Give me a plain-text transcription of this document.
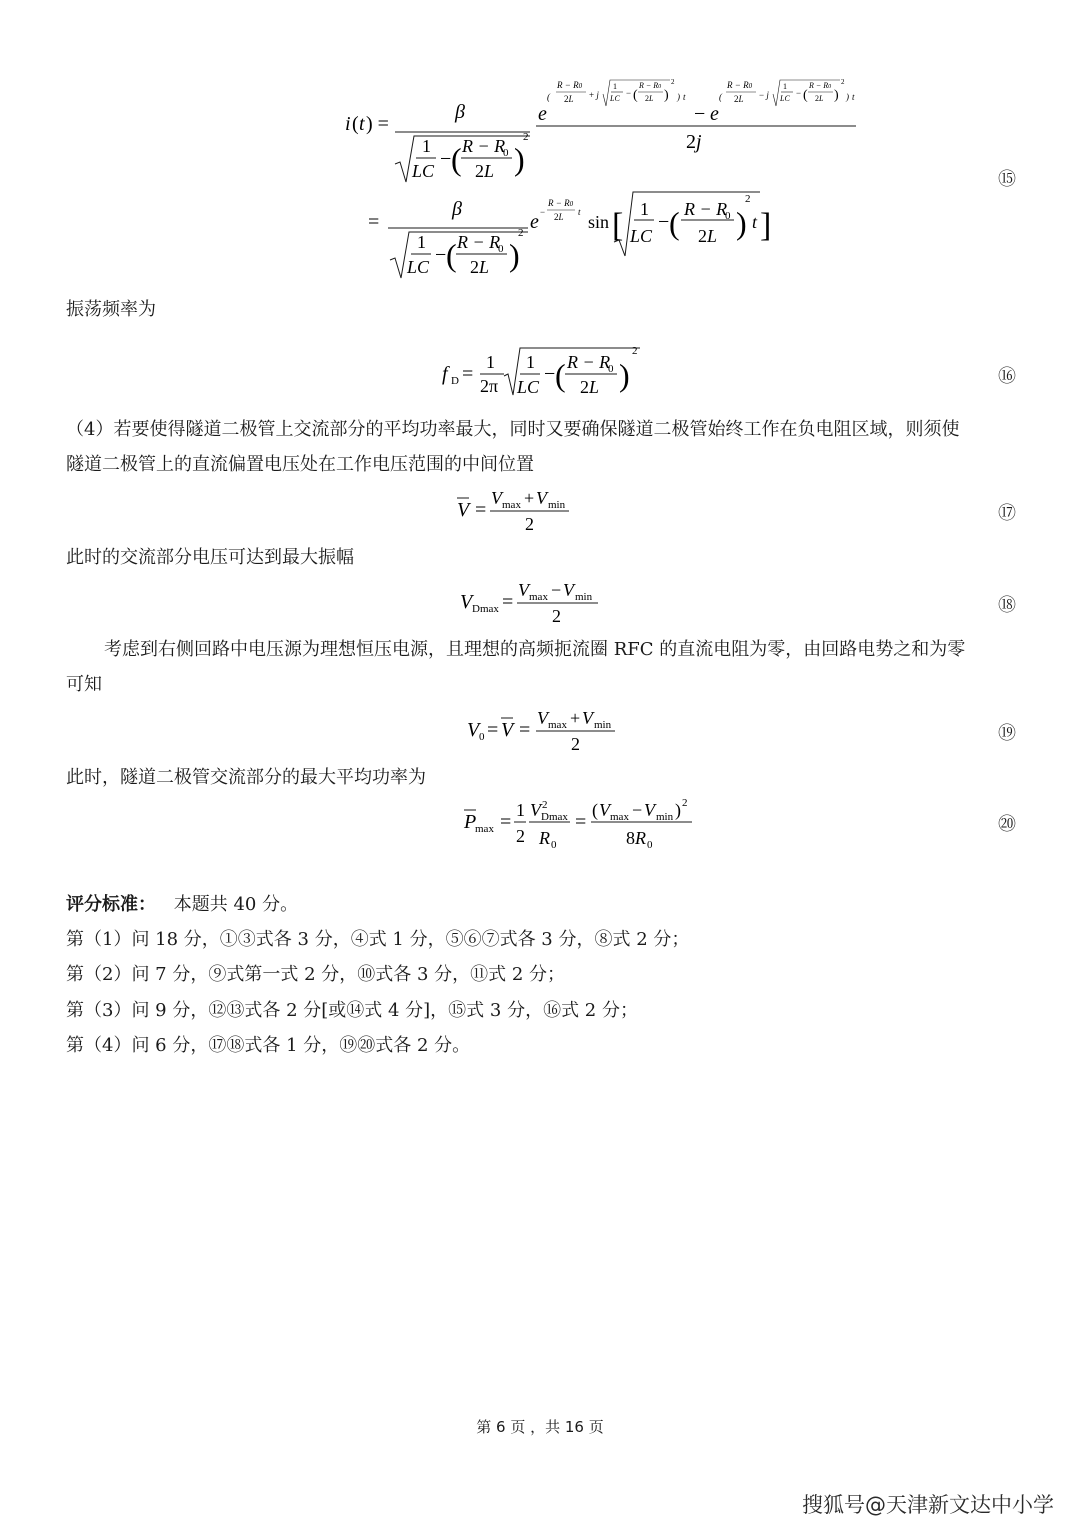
i ( t ) =
β
1
LC
− ( R − R
0
2L )
2
e
(
R − R0
2L + j
1
LC
− (
R − R0
2L )
2
) t
− e
(
R − R0
2L − j
1
LC
− (
R − R0
2L )
2
) t
2j
=
β
1
LC
− ( R − R
0
2L )
2 e −
R − R0
2L t sin [ 1
LC
− ( R − R
0
2L )
2
t ]
⑮
振荡频率为
f D =
1
2π
1
LC
− ( R − R
0
2L )
2
⑯
（4）若要使得隧道二极管上交流部分的平均功率最大，同时又要确保隧道二极管始终工作在负电阻区域，则须使
隧道二极管上的直流偏置电压处在工作电压范围的中间位置
V =
V max + V min
2	⑰
此时的交流部分电压可达到最大振幅
V Dmax =
V max − V min
2	⑱
考虑到右侧回路中电压源为理想恒压电源，且理想的高频扼流圈 RFC 的直流电阻为零，由回路电势之和为零
可知
V 0 = V =
V max + V min
2	⑲
此时，隧道二极管交流部分的最大平均功率为
P
max =
1
2
V 2
Dmax
R 0
=
( V max − V min ) 2
8R 0
⑳
评分标准： 本题共 40 分。
第（1）问 18 分，①③式各 3 分，④式 1 分，⑤⑥⑦式各 3 分，⑧式 2 分；
第（2）问 7 分，⑨式第一式 2 分，⑩式各 3 分，⑪式 2 分；
第（3）问 9 分，⑫⑬式各 2 分[或⑭式 4 分]，⑮式 3 分，⑯式 2 分；
第（4）问 6 分，⑰⑱式各 1 分，⑲⑳式各 2 分。
第 6 页 ，共 16 页
搜狐号@天津新文达中小学
